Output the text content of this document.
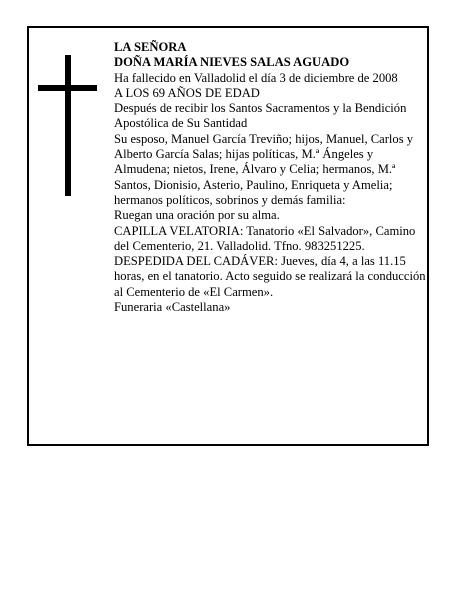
LA SEÑORA

DOÑA MARÍA NIEVES SALAS AGUADO

Ha fallecido en Valladolid el día 3 de diciembre de 2008

A LOS 69 AÑOS DE EDAD

Después de recibir los Santos Sacramentos y la Bendición Apostólica de Su Santidad

Su esposo, Manuel García Treviño; hijos, Manuel, Carlos y Alberto García Salas; hijas políticas, M.ª Ángeles y Almudena; nietos, Irene, Álvaro y Celia; hermanos, M.ª Santos, Dionisio, Asterio, Paulino, Enriqueta y Amelia; hermanos políticos, sobrinos y demás familia:

Ruegan una oración por su alma.

CAPILLA VELATORIA: Tanatorio «El Salvador», Camino del Cementerio, 21. Valladolid. Tfno. 983251225.

DESPEDIDA DEL CADÁVER: Jueves, día 4, a las 11.15 horas, en el tanatorio. Acto seguido se realizará la conducción al Cementerio de «El Carmen».

Funeraria «Castellana»
